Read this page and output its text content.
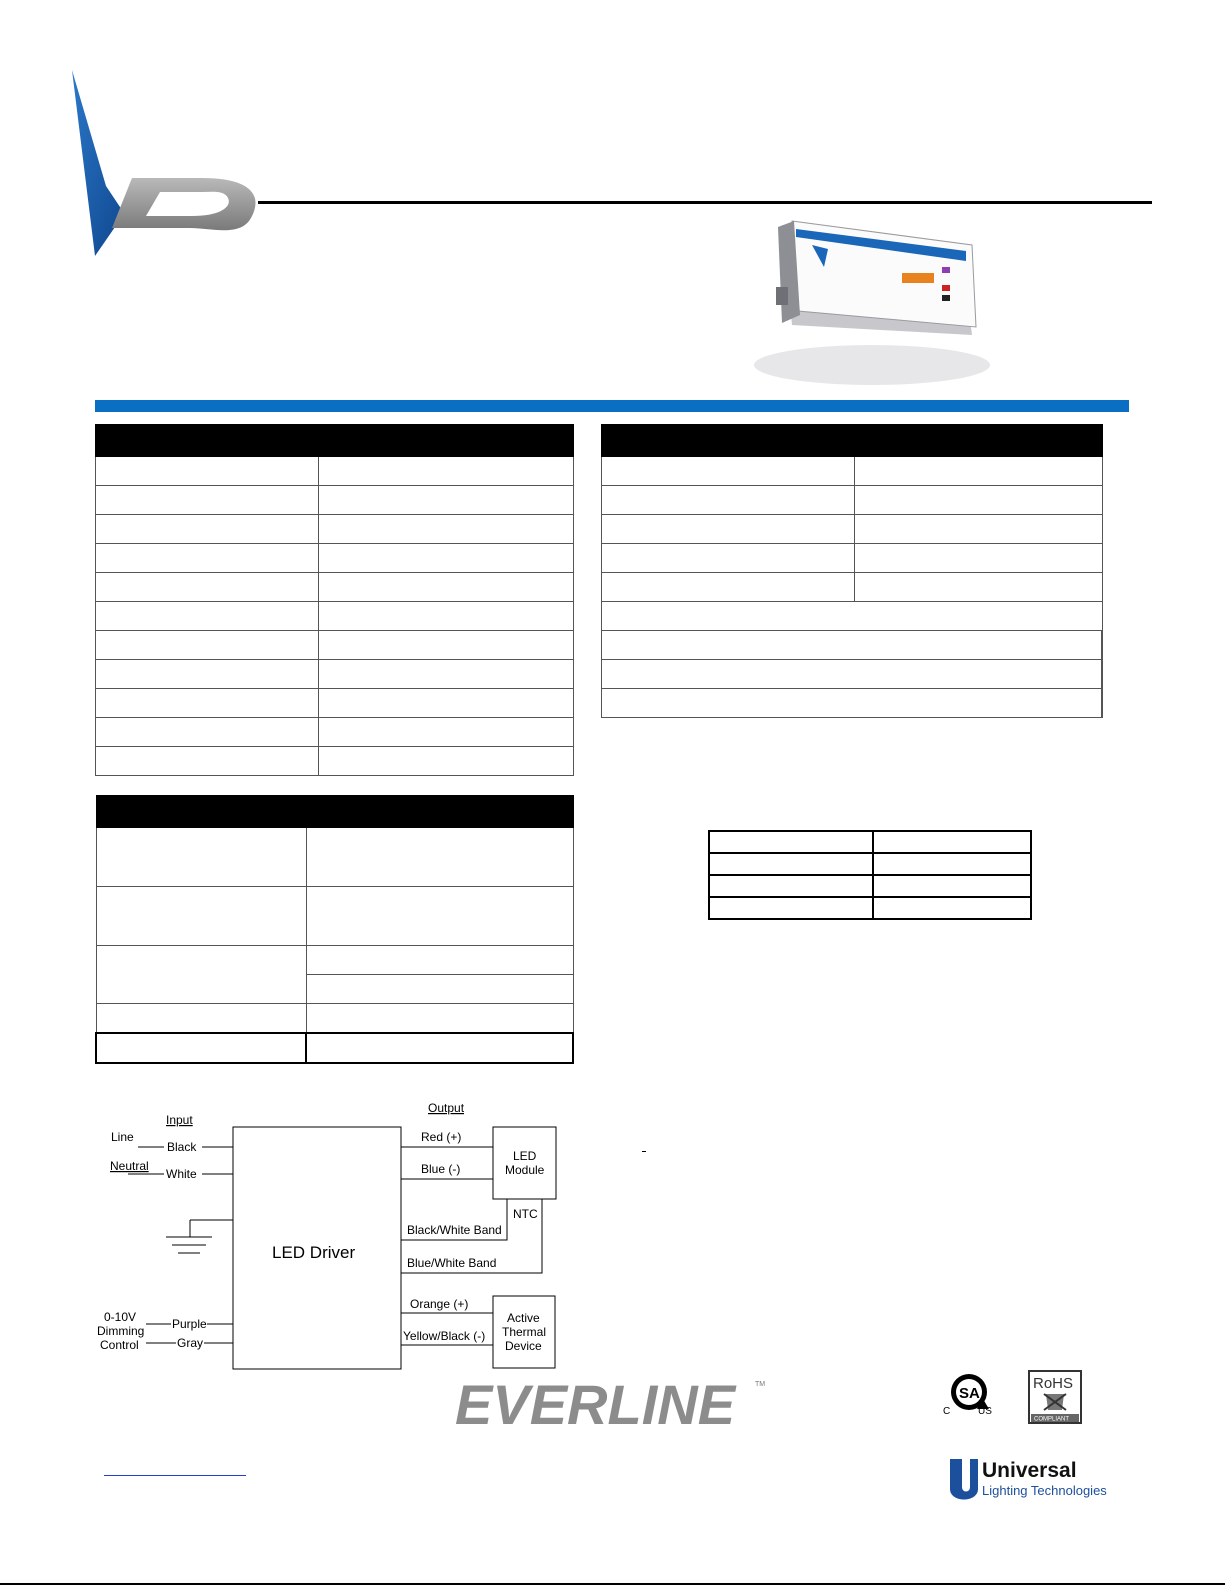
Input
Output
Line
Neutral
Black
White
LED Driver
0-10V
Dimming
Control
Purple
Gray
Red (+)
Blue (-)
LED
Module
NTC
Black/White Band
Blue/White Band
Orange (+)
Yellow/Black (-)
Active
Thermal
Device
EVERLINE	TM
SA
C	US
RoHS
COMPLIANT
Universal
Lighting Technologies
